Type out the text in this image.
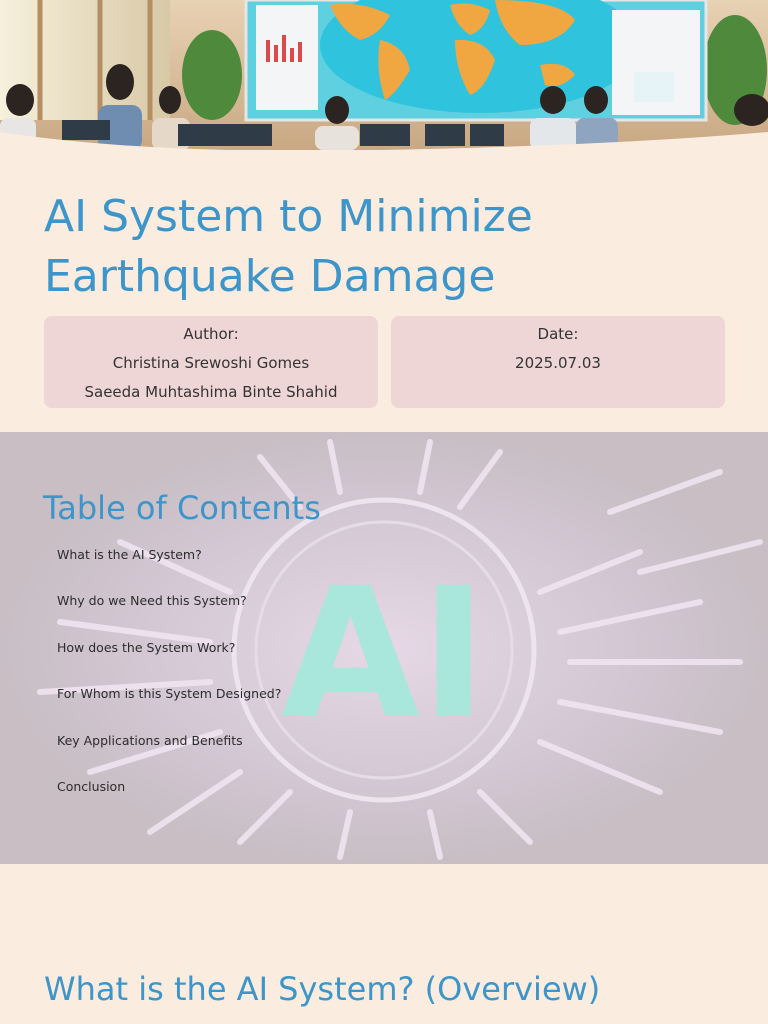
AI System to Minimize Earthquake Damage
Author:
Christina Srewoshi Gomes
Saeeda Muhtashima Binte Shahid
Date:
2025.07.03
AI
Table of Contents
What is the AI System?
Why do we Need this System?
How does the System Work?
For Whom is this System Designed?
Key Applications and Benefits
Conclusion
What is the AI System? (Overview)
